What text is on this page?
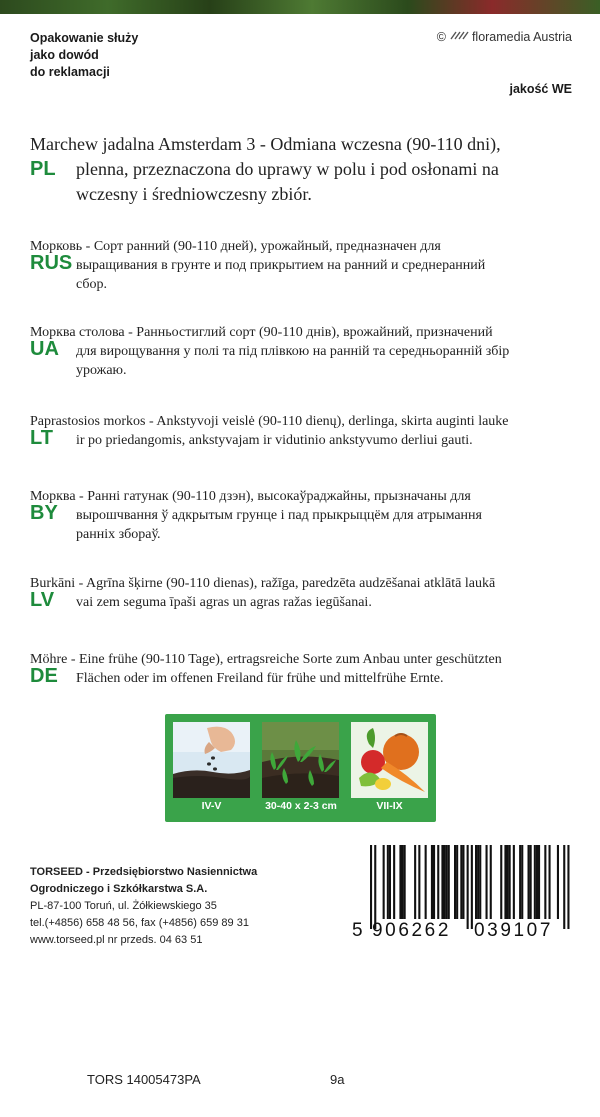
Opakowanie służy
jako dowód
do reklamacji
© floramedia Austria
jakość WE
PL
Marchew jadalna Amsterdam 3 - Odmiana wczesna (90-110 dni),
plenna, przeznaczona do uprawy w polu i pod osłonami na
wczesny i średniowczesny zbiór.
RUS
Морковь - Сорт ранний (90-110 дней), урожайный, предназначен для
выращивания в грунте и под прикрытием на ранний и среднеранний
сбор.
UA
Морква столова - Ранньостиглий сорт (90-110 днів), врожайний, призначений
для вирощування у полі та під плівкою на ранній та середньоранній збір
урожаю.
LT
Paprastosios morkos - Ankstyvoji veislė (90-110 dienų), derlinga, skirta auginti lauke
ir po priedangomis, ankstyvajam ir vidutinio ankstyvumo derliui gauti.
BY
Морква - Ранні гатунак (90-110 дзэн), высокаўраджайны, прызначаны для
вырошчвання ў адкрытым грунце і пад прыкрыццём для атрымання
ранніх збораў.
LV
Burkāni - Agrīna šķirne (90-110 dienas), ražīga, paredzēta audzēšanai atklātā laukā
vai zem seguma īpaši agras un agras ražas iegūšanai.
DE
Möhre - Eine frühe (90-110 Tage), ertragsreiche Sorte zum Anbau unter geschützten
Flächen oder im offenen Freiland für frühe und mittelfrühe Ernte.
IV-V	30-40 x 2-3 cm	VII-IX
TORSEED - Przedsiębiorstwo Nasiennictwa
Ogrodniczego i Szkółkarstwa S.A.
PL-87-100 Toruń, ul. Żółkiewskiego 35
tel.(+4856) 658 48 56, fax (+4856) 659 89 31
www.torseed.pl nr przeds. 04 63 51	5 906262 039107
TORS 14005473PA	9a
